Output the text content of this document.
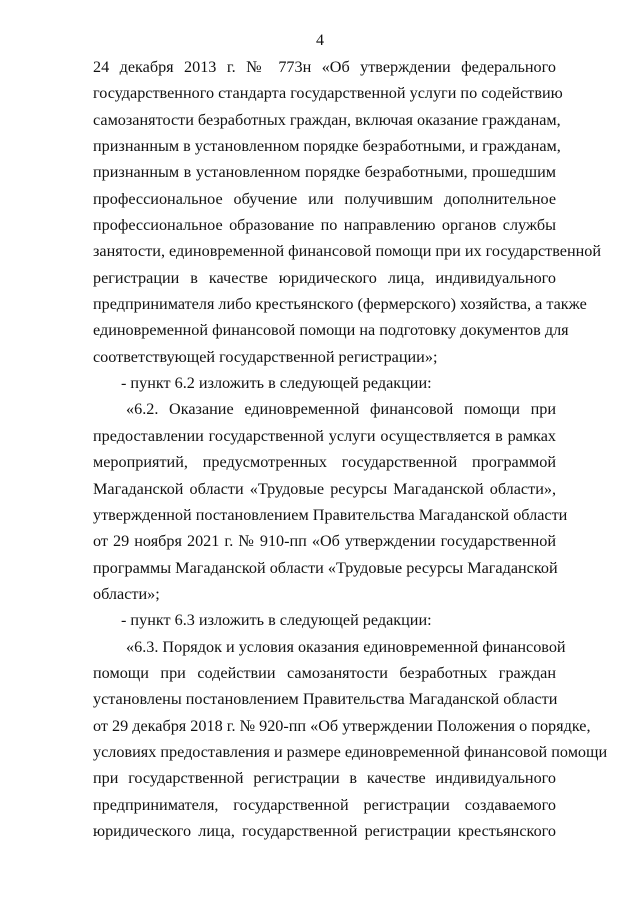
4
24 декабря 2013 г. № 773н «Об утверждении федерального
государственного стандарта государственной услуги по содействию
самозанятости безработных граждан, включая оказание гражданам,
признанным в установленном порядке безработными, и гражданам,
признанным в установленном порядке безработными, прошедшим
профессиональное обучение или получившим дополнительное
профессиональное образование по направлению органов службы
занятости, единовременной финансовой помощи при их государственной
регистрации в качестве юридического лица, индивидуального
предпринимателя либо крестьянского (фермерского) хозяйства, а также
единовременной финансовой помощи на подготовку документов для
соответствующей государственной регистрации»;
- пункт 6.2 изложить в следующей редакции:
«6.2. Оказание единовременной финансовой помощи при
предоставлении государственной услуги осуществляется в рамках
мероприятий, предусмотренных государственной программой
Магаданской области «Трудовые ресурсы Магаданской области»,
утвержденной постановлением Правительства Магаданской области
от 29 ноября 2021 г. № 910-пп «Об утверждении государственной
программы Магаданской области «Трудовые ресурсы Магаданской
области»;
- пункт 6.3 изложить в следующей редакции:
«6.3. Порядок и условия оказания единовременной финансовой
помощи при содействии самозанятости безработных граждан
установлены постановлением Правительства Магаданской области
от 29 декабря 2018 г. № 920-пп «Об утверждении Положения о порядке,
условиях предоставления и размере единовременной финансовой помощи
при государственной регистрации в качестве индивидуального
предпринимателя, государственной регистрации создаваемого
юридического лица, государственной регистрации крестьянского
